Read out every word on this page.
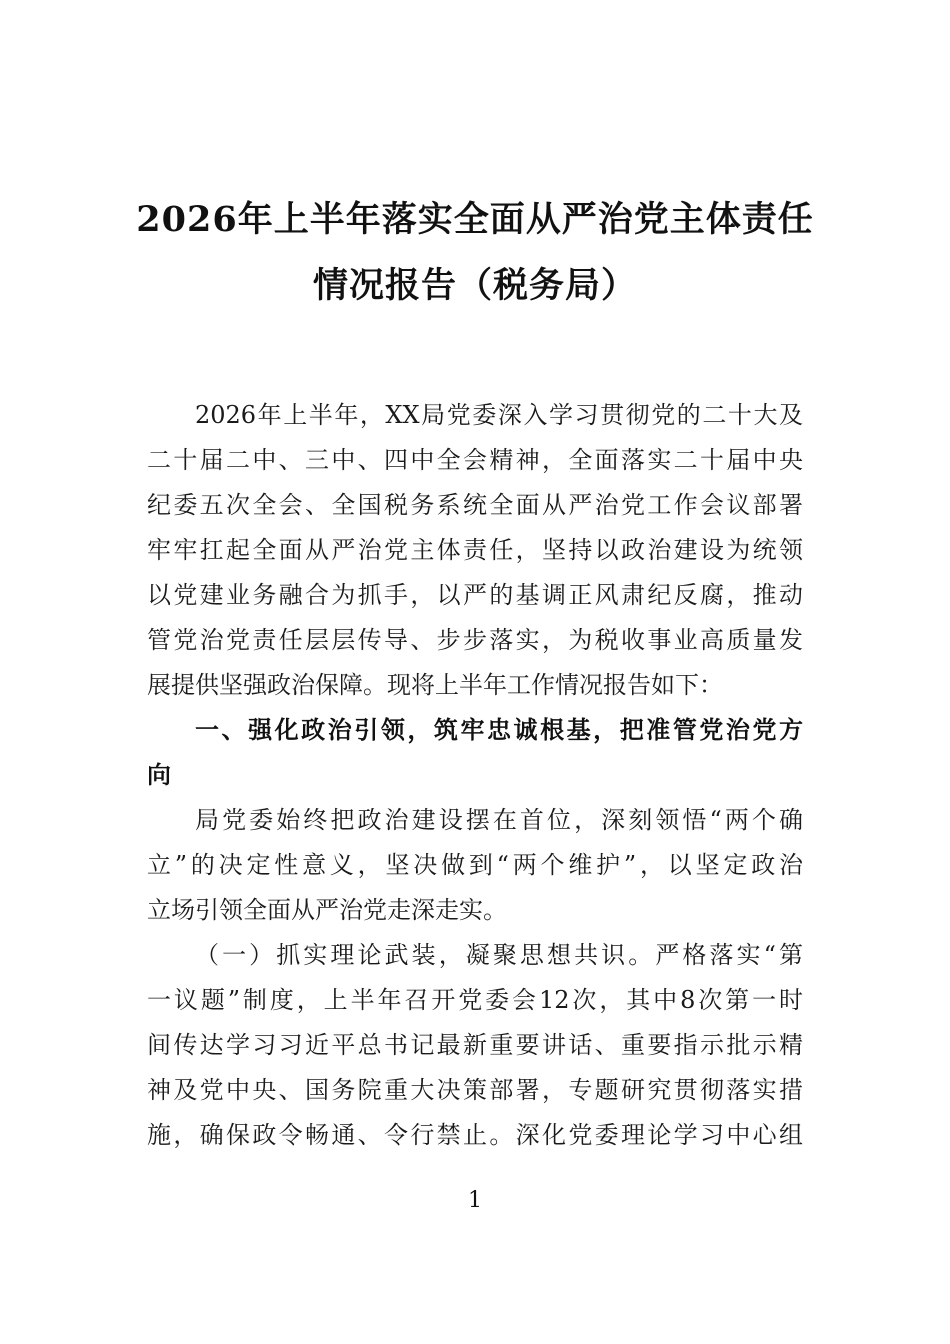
2026年上半年落实全面从严治党主体责任
情况报告（税务局）
2026年上半年，XX局党委深入学习贯彻党的二十大及
二十届二中、三中、四中全会精神，全面落实二十届中央
纪委五次全会、全国税务系统全面从严治党工作会议部署
牢牢扛起全面从严治党主体责任，坚持以政治建设为统领
以党建业务融合为抓手，以严的基调正风肃纪反腐，推动
管党治党责任层层传导、步步落实，为税收事业高质量发
展提供坚强政治保障。现将上半年工作情况报告如下：
一、强化政治引领，筑牢忠诚根基，把准管党治党方
向
局党委始终把政治建设摆在首位，深刻领悟“两个确
立”的决定性意义，坚决做到“两个维护”，以坚定政治
立场引领全面从严治党走深走实。
（一）抓实理论武装，凝聚思想共识。严格落实“第
一议题”制度，上半年召开党委会12次，其中8次第一时
间传达学习习近平总书记最新重要讲话、重要指示批示精
神及党中央、国务院重大决策部署，专题研究贯彻落实措
施，确保政令畅通、令行禁止。深化党委理论学习中心组
1
